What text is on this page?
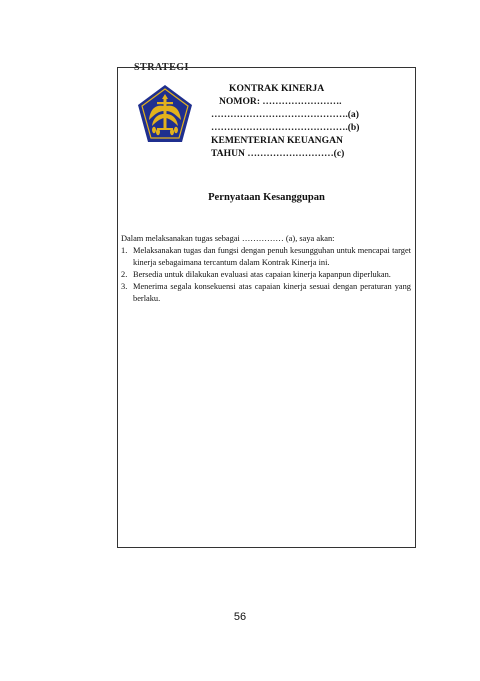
STRATEGI
KONTRAK KINERJA
NOMOR: …………………….
…………………………………….(a)
…………………………………….(b)
KEMENTERIAN KEUANGAN
TAHUN ………………………(c)
Pernyataan Kesanggupan

Dalam melaksanakan tugas sebagai …………… (a), saya akan:

1. Melaksanakan tugas dan fungsi dengan penuh kesungguhan untuk mencapai target kinerja sebagaimana tercantum dalam Kontrak Kinerja ini.
2. Bersedia untuk dilakukan evaluasi atas capaian kinerja kapanpun diperlukan.
3. Menerima segala konsekuensi atas capaian kinerja sesuai dengan peraturan yang berlaku.
56
